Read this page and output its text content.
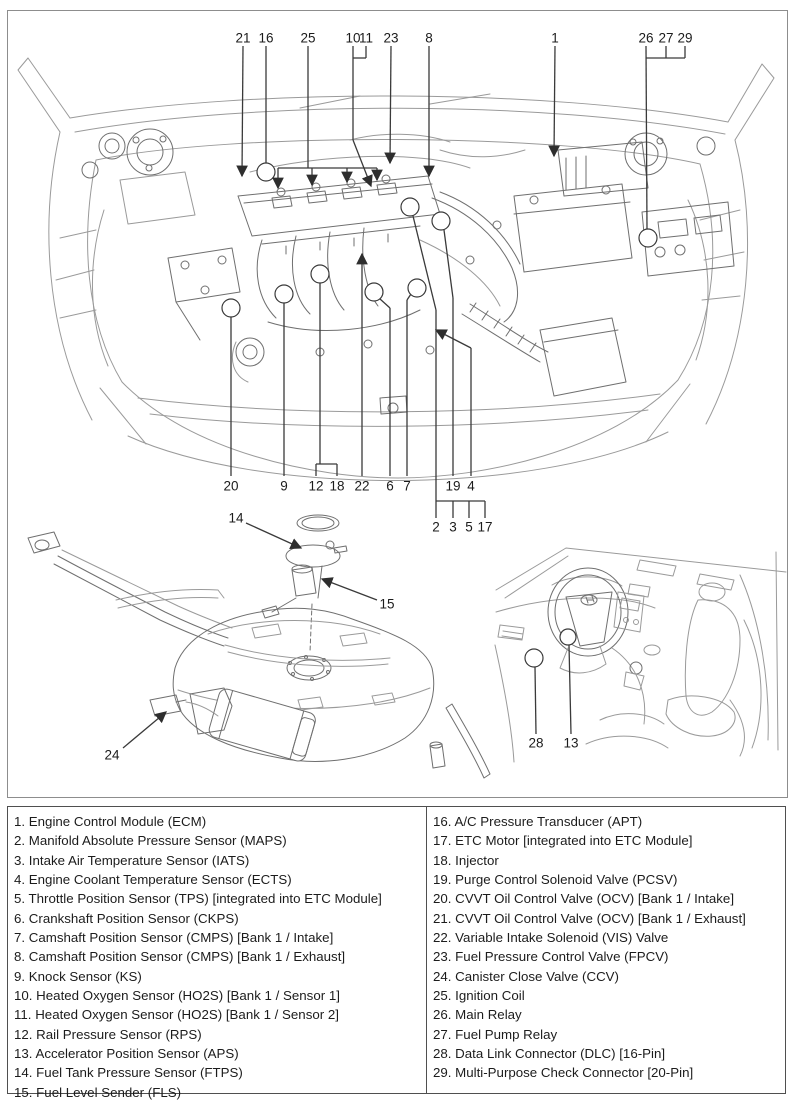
21 16 25 10
11 23 8	1	26 27 29
20	9 12 18 22 6 7	19 4
2 3 5 17
14
15
24
28 13
1. Engine Control Module (ECM)
2. Manifold Absolute Pressure Sensor (MAPS)
3. Intake Air Temperature Sensor (IATS)
4. Engine Coolant Temperature Sensor (ECTS)
5. Throttle Position Sensor (TPS) [integrated into ETC Module]
6. Crankshaft Position Sensor (CKPS)
7. Camshaft Position Sensor (CMPS) [Bank 1 / Intake]
8. Camshaft Position Sensor (CMPS) [Bank 1 / Exhaust]
9. Knock Sensor (KS)
10. Heated Oxygen Sensor (HO2S) [Bank 1 / Sensor 1]
11. Heated Oxygen Sensor (HO2S) [Bank 1 / Sensor 2]
12. Rail Pressure Sensor (RPS)
13. Accelerator Position Sensor (APS)
14. Fuel Tank Pressure Sensor (FTPS)
15. Fuel Level Sender (FLS)
16. A/C Pressure Transducer (APT)
17. ETC Motor [integrated into ETC Module]
18. Injector
19. Purge Control Solenoid Valve (PCSV)
20. CVVT Oil Control Valve (OCV) [Bank 1 / Intake]
21. CVVT Oil Control Valve (OCV) [Bank 1 / Exhaust]
22. Variable Intake Solenoid (VIS) Valve
23. Fuel Pressure Control Valve (FPCV)
24. Canister Close Valve (CCV)
25. Ignition Coil
26. Main Relay
27. Fuel Pump Relay
28. Data Link Connector (DLC) [16-Pin]
29. Multi-Purpose Check Connector [20-Pin]
